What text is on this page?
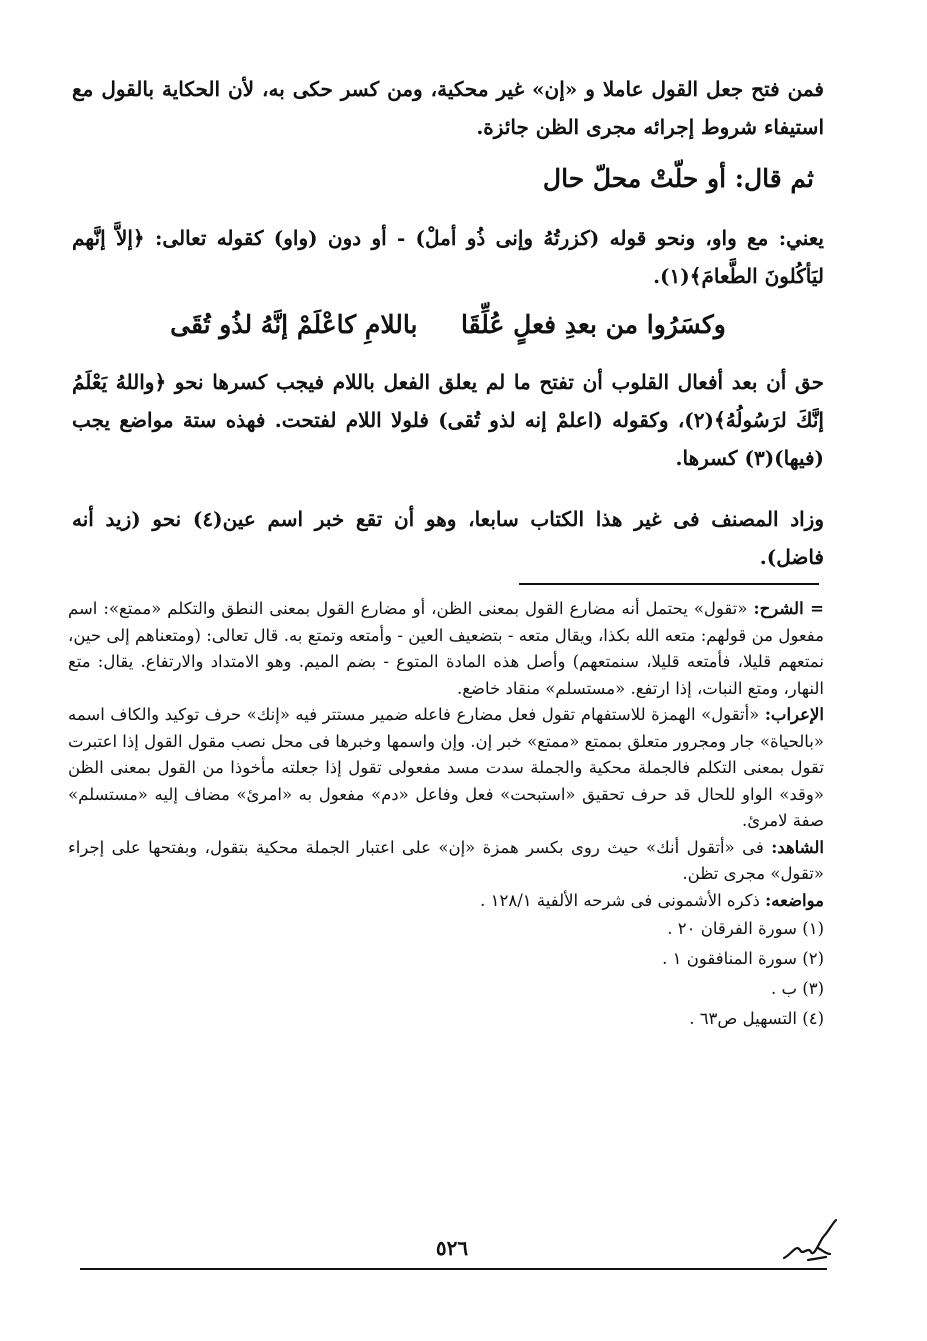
فمن فتح جعل القول عاملا و «إن» غير محكية، ومن كسر حكى به، لأن الحكاية بالقول مع استيفاء شروط إجرائه مجرى الظن جائزة.

ثم قال: أو حلّتْ محلّ حال

يعني: مع واو، ونحو قوله (كزرتُهُ وإنى ذُو أملْ) - أو دون (واو) كقوله تعالى: ﴿إلاَّ إنَّهم ليَأكُلونَ الطَّعامَ﴾(١).

وكسَرُوا من بعدِ فعلٍ عُلِّقَا     باللامِ كاعْلَمْ إنَّهُ لذُو تُقَى

حق أن بعد أفعال القلوب أن تفتح ما لم يعلق الفعل باللام فيجب كسرها نحو ﴿واللهُ يَعْلَمُ إنَّكَ لرَسُولُهُ﴾(٢)، وكقوله (اعلمْ إنه لذو تُقى) فلولا اللام لفتحت. فهذه ستة مواضع يجب (فيها)(٣) كسرها.

وزاد المصنف فى غير هذا الكتاب سابعا، وهو أن تقع خبر اسم عين(٤) نحو (زيد أنه فاضل).

= الشرح: «تقول» يحتمل أنه مضارع القول بمعنى الظن، أو مضارع القول بمعنى النطق والتكلم «ممتع»: اسم مفعول من قولهم: متعه الله بكذا، ويقال متعه - بتضعيف العين - وأمتعه وتمتع به. قال تعالى: (ومتعناهم إلى حين، نمتعهم قليلا، فأمتعه قليلا، سنمتعهم) وأصل هذه المادة المتوع - بضم الميم. وهو الامتداد والارتفاع. يقال: متع النهار، ومتع النبات، إذا ارتفع. «مستسلم» منقاد خاضع.

الإعراب: «أتقول» الهمزة للاستفهام تقول فعل مضارع فاعله ضمير مستتر فيه «إنك» حرف توكيد والكاف اسمه «بالحياة» جار ومجرور متعلق بممتع «ممتع» خبر إن. وإن واسمها وخبرها فى محل نصب مقول القول إذا اعتبرت تقول بمعنى التكلم فالجملة محكية والجملة سدت مسد مفعولى تقول إذا جعلته مأخوذا من القول بمعنى الظن «وقد» الواو للحال قد حرف تحقيق «استبحت» فعل وفاعل «دم» مفعول به «امرئ» مضاف إليه «مستسلم» صفة لامرئ.

الشاهد: فى «أتقول أنك» حيث روى بكسر همزة «إن» على اعتبار الجملة محكية بتقول، وبفتحها على إجراء «تقول» مجرى تظن.

مواضعه: ذكره الأشمونى فى شرحه الألفية ١٢٨/١ .

(١) سورة الفرقان ٢٠ .

(٢) سورة المنافقون ١ .

(٣) ب .

(٤) التسهيل ص٦٣ .

٥٢٦
